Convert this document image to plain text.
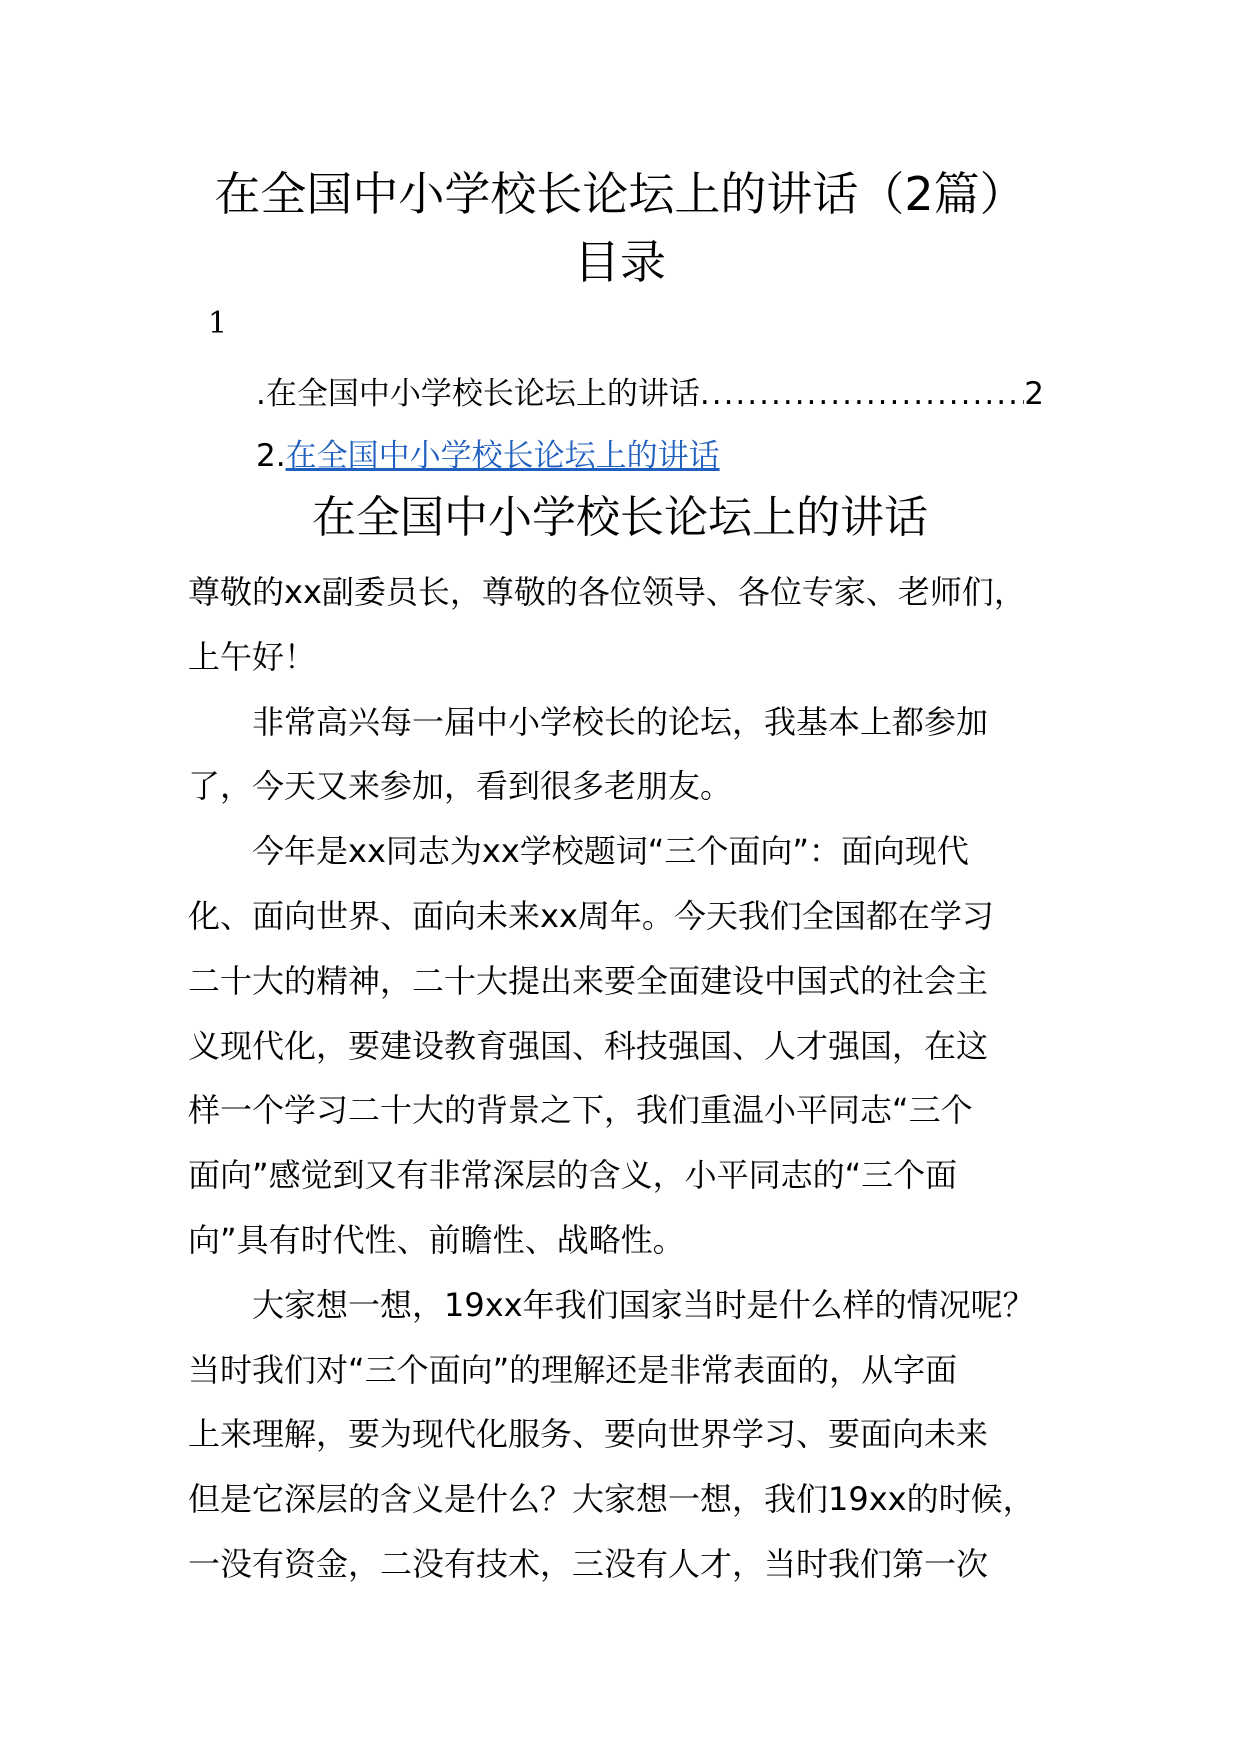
在全国中小学校长论坛上的讲话（2篇）
目录
1
.在全国中小学校长论坛上的讲话
.....	2
2.在全国中小学校长论坛上的讲话
在全国中小学校长论坛上的讲话
尊敬的xx副委员长，尊敬的各位领导、各位专家、老师们，
上午好！
非常高兴每一届中小学校长的论坛，我基本上都参加
了，今天又来参加，看到很多老朋友。
今年是xx同志为xx学校题词“三个面向”：面向现代
化、面向世界、面向未来xx周年。今天我们全国都在学习
二十大的精神，二十大提出来要全面建设中国式的社会主
义现代化，要建设教育强国、科技强国、人才强国，在这
样一个学习二十大的背景之下，我们重温小平同志“三个
面向”感觉到又有非常深层的含义，小平同志的“三个面
向”具有时代性、前瞻性、战略性。
大家想一想，19xx年我们国家当时是什么样的情况呢？
当时我们对“三个面向”的理解还是非常表面的，从字面
上来理解，要为现代化服务、要向世界学习、要面向未来
但是它深层的含义是什么？大家想一想，我们19xx的时候，
一没有资金，二没有技术，三没有人才，当时我们第一次
